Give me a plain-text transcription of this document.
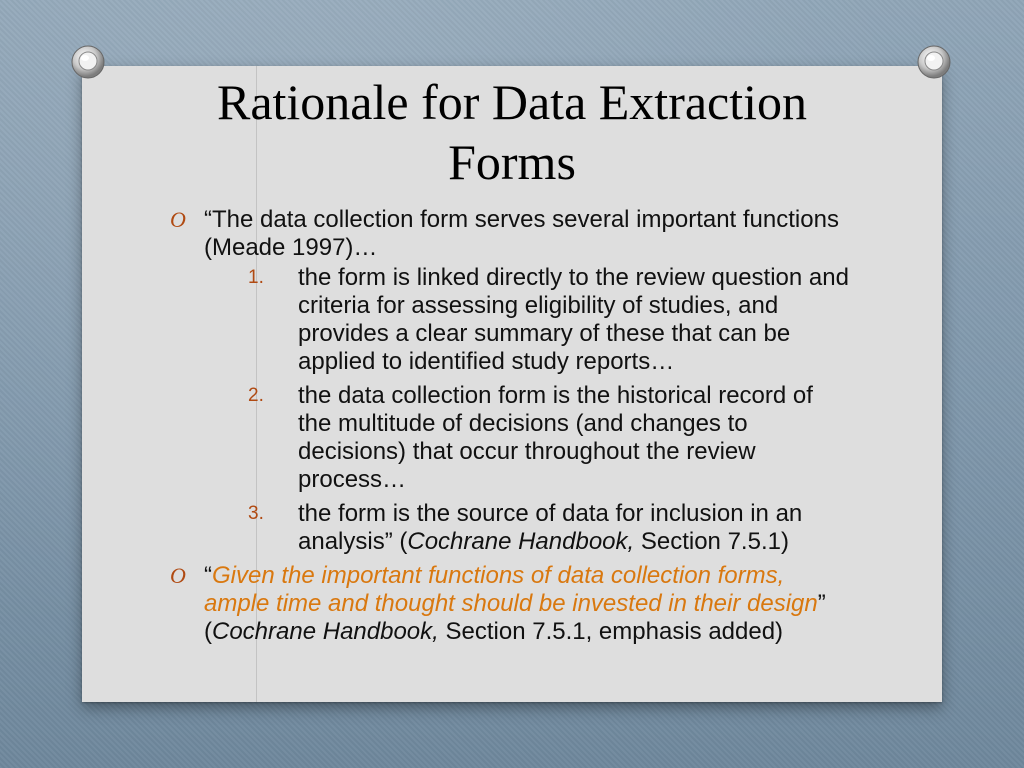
Rationale for Data Extraction
Forms
O “The data collection form serves several important functions (Meade 1997)…
1. the form is linked directly to the review question and criteria for assessing eligibility of studies, and provides a clear summary of these that can be applied to identified study reports…
2. the data collection form is the historical record of the multitude of decisions (and changes to decisions) that occur throughout the review process…
3. the form is the source of data for inclusion in an analysis” (Cochrane Handbook, Section 7.5.1)
O “Given the important functions of data collection forms, ample time and thought should be invested in their design” (Cochrane Handbook, Section 7.5.1, emphasis added)
